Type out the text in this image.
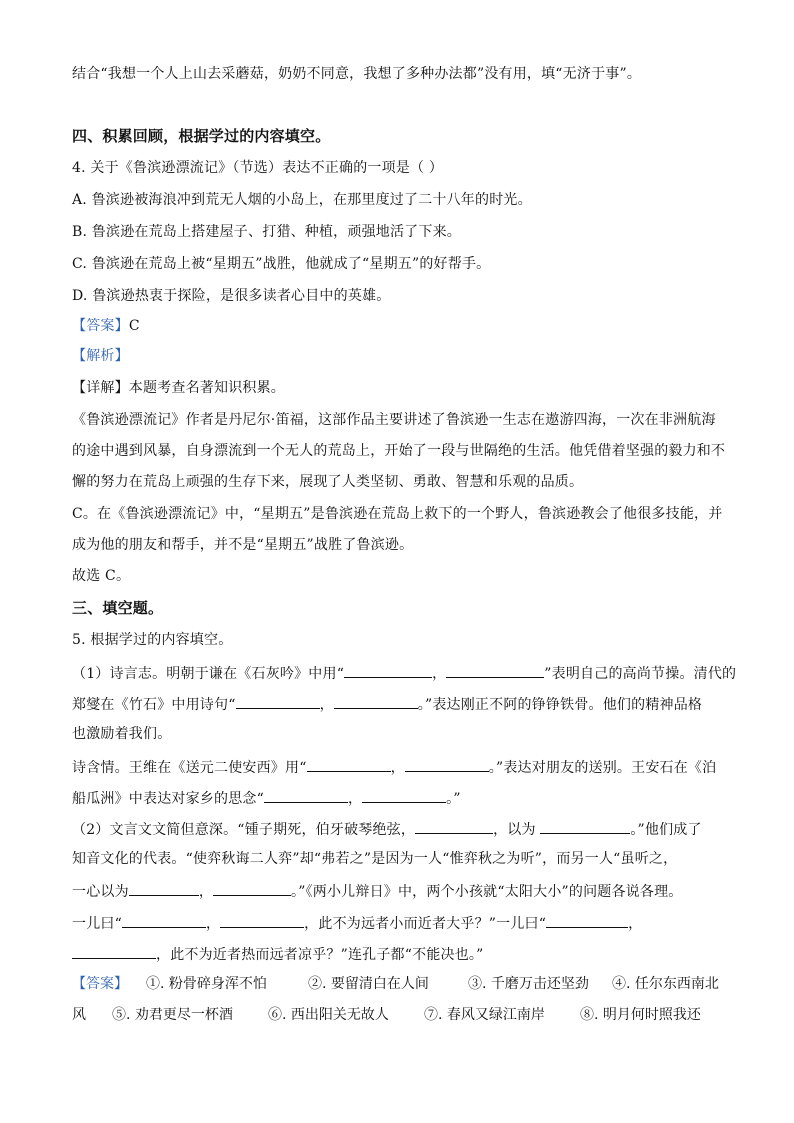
结合“我想一个人上山去采蘑菇，奶奶不同意，我想了多种办法都”没有用，填“无济于事”。
四、积累回顾，根据学过的内容填空。
4. 关于《鲁滨逊漂流记》（节选）表达不正确的一项是（ ）
A. 鲁滨逊被海浪冲到荒无人烟的小岛上，在那里度过了二十八年的时光。
B. 鲁滨逊在荒岛上搭建屋子、打猎、种植，顽强地活了下来。
C. 鲁滨逊在荒岛上被“星期五”战胜，他就成了“星期五”的好帮手。
D. 鲁滨逊热衷于探险，是很多读者心目中的英雄。
【答案】C
【解析】
【详解】本题考查名著知识积累。
《鲁滨逊漂流记》作者是丹尼尔·笛福，这部作品主要讲述了鲁滨逊一生志在遨游四海，一次在非洲航海
的途中遇到风暴，自身漂流到一个无人的荒岛上，开始了一段与世隔绝的生活。他凭借着坚强的毅力和不
懈的努力在荒岛上顽强的生存下来，展现了人类坚韧、勇敢、智慧和乐观的品质。
C。在《鲁滨逊漂流记》中，“星期五”是鲁滨逊在荒岛上救下的一个野人，鲁滨逊教会了他很多技能，并
成为他的朋友和帮手，并不是“星期五”战胜了鲁滨逊。
故选 C。
三、填空题。
5. 根据学过的内容填空。
（1）诗言志。明朝于谦在《石灰吟》中用“	，	”表明自己的高尚节操。清代的
郑燮在《竹石》中用诗句“	，	。”表达刚正不阿的铮铮铁骨。他们的精神品格
也激励着我们。
诗含情。王维在《送元二使安西》用“	，	。”表达对朋友的送别。王安石在《泊
船瓜洲》中表达对家乡的思念“	，	。”
（2）文言文文简但意深。“锺子期死，伯牙破琴绝弦，	，以为	。”他们成了
知音文化的代表。“使弈秋诲二人弈”却“弗若之”是因为一人“惟弈秋之为听”，而另一人“虽听之，
一心以为	，	。”《两小儿辩日》中，两个小孩就“太阳大小”的问题各说各理。
一儿曰“	，	，此不为远者小而近者大乎？”一儿曰“	，
，此不为近者热而远者凉乎？”连孔子都“不能决也。”
【答案】 ①. 粉骨碎身浑不怕	②. 要留清白在人间	③. 千磨万击还坚劲 ④. 任尔东西南北
风 ⑤. 劝君更尽一杯酒	⑥. 西出阳关无故人	⑦. 春风又绿江南岸	⑧. 明月何时照我还
